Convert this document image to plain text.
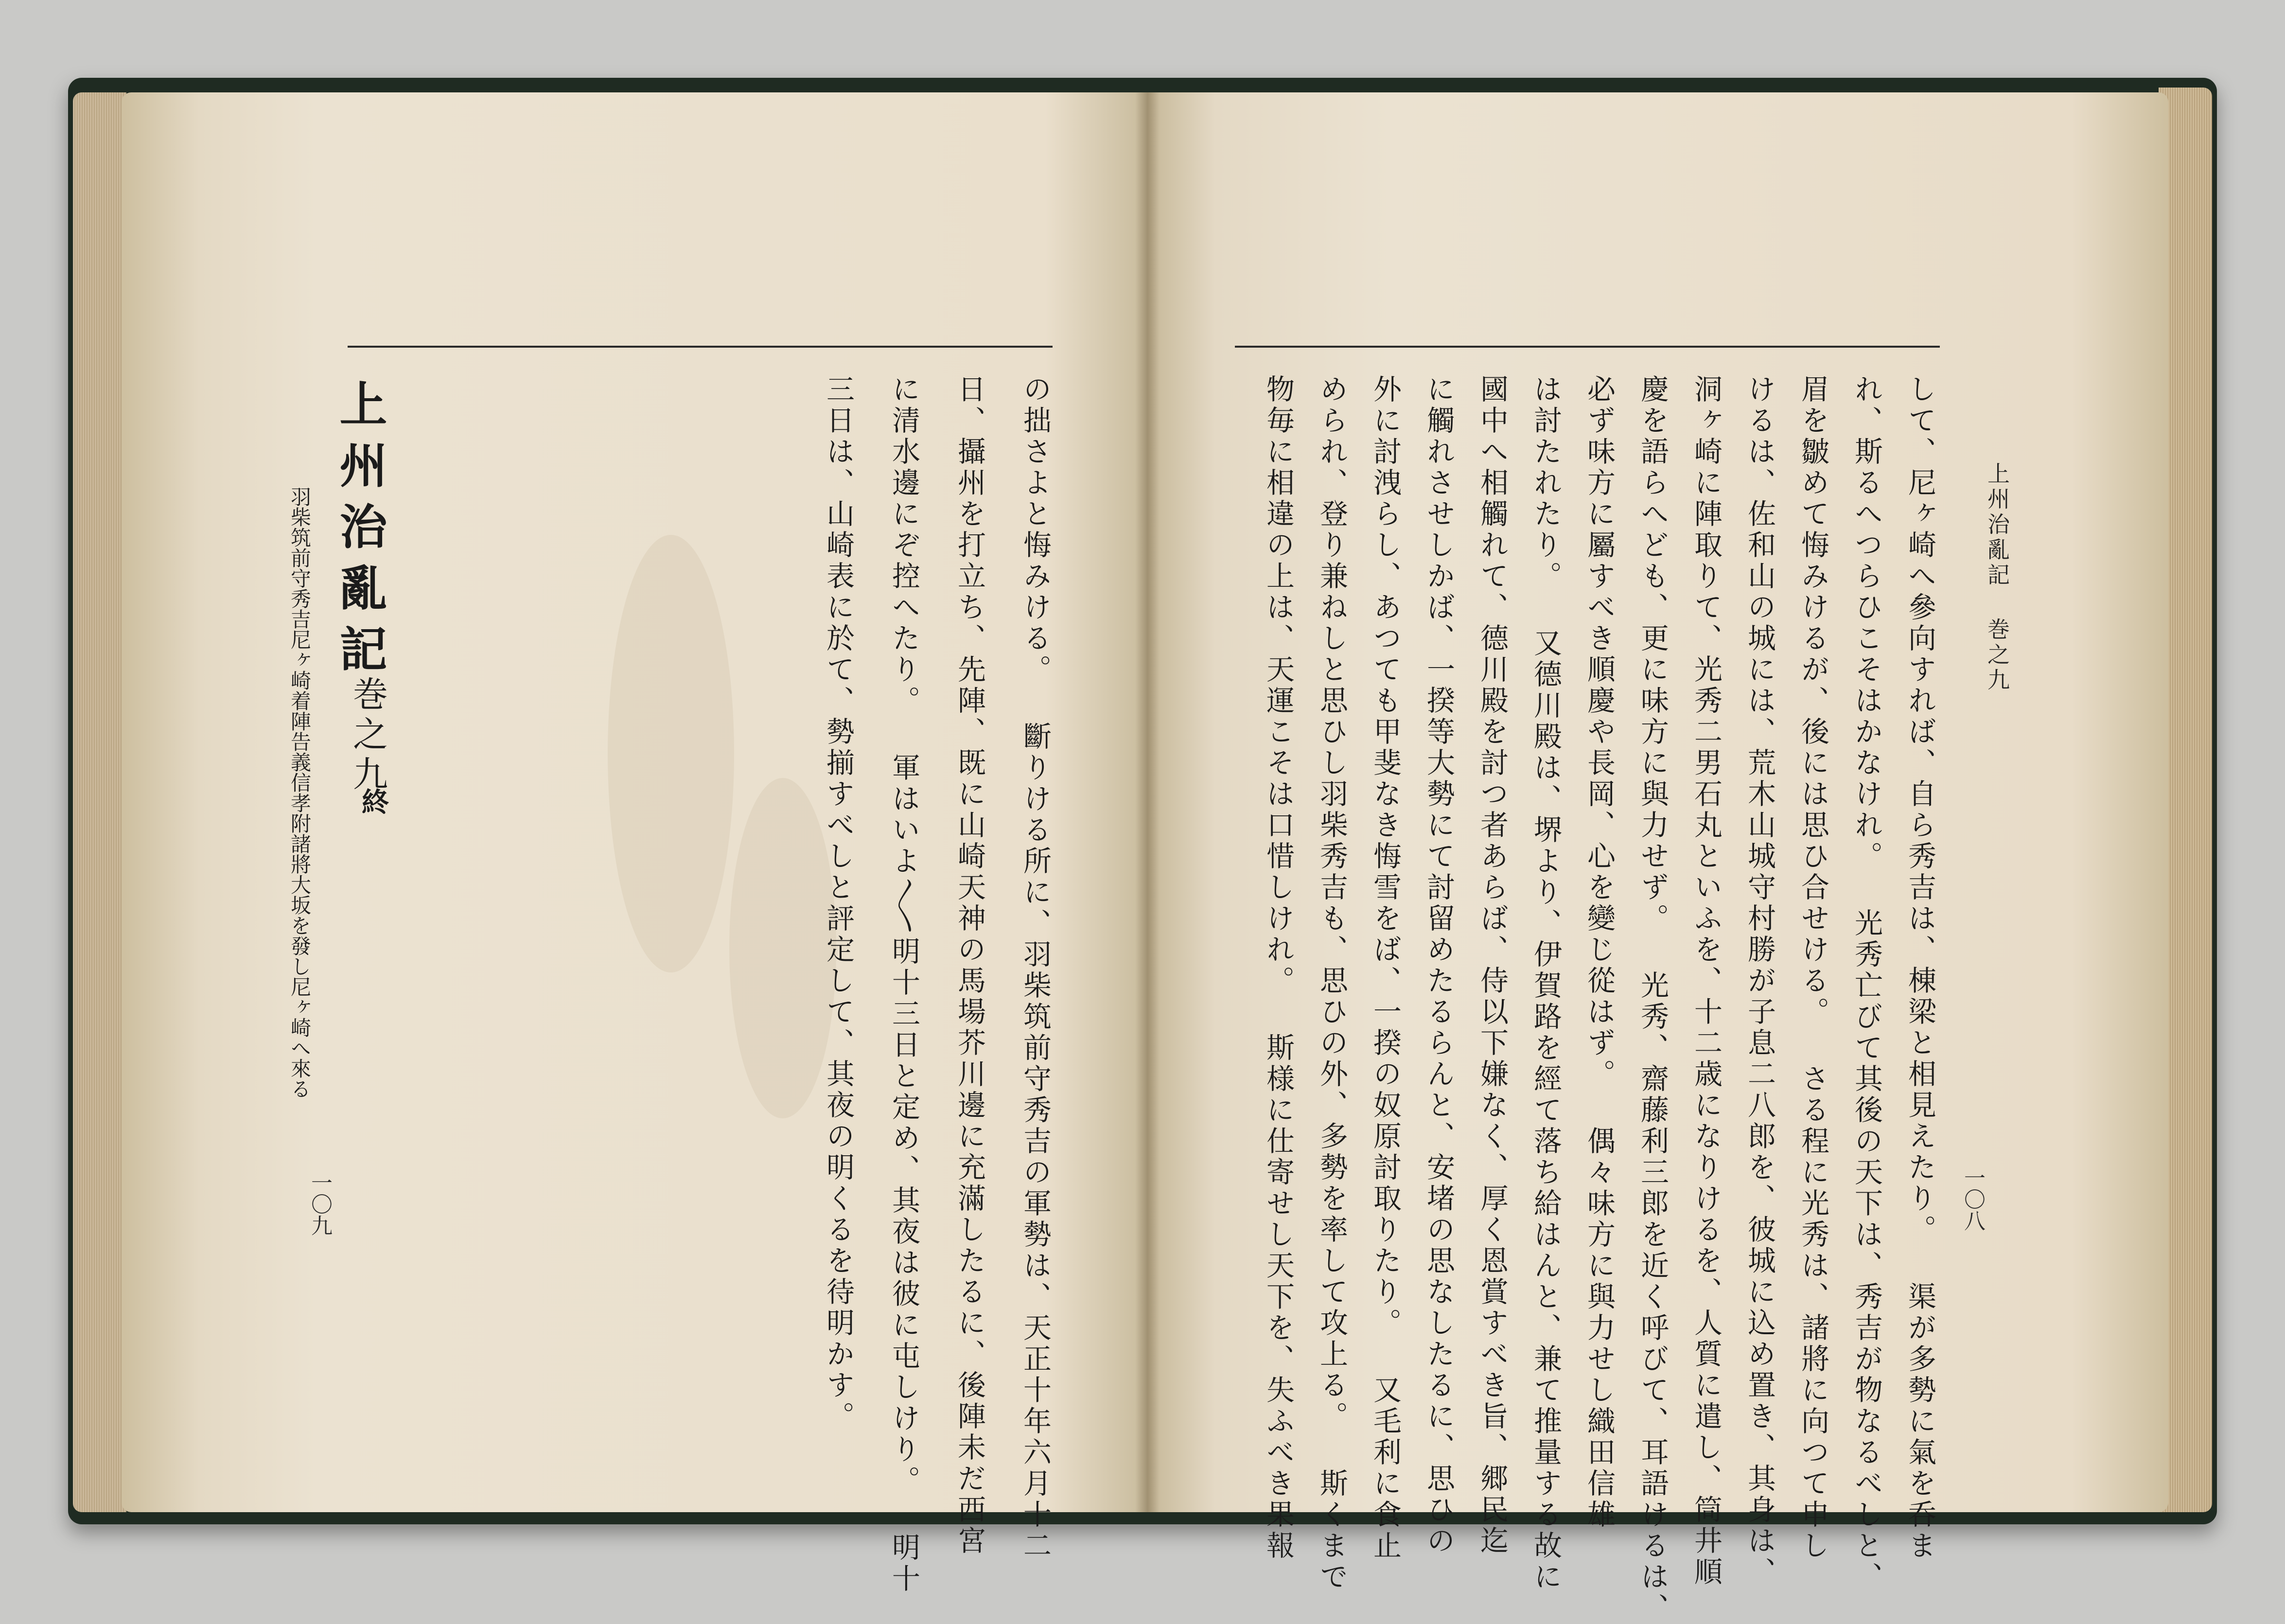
上州治亂記
巻之九
終
羽柴筑前守秀吉尼ヶ崎着陣告義信孝附諸將大坂を發し尼ヶ崎へ來る
一〇九	の拙さよと悔みける。 斷りける所に、羽柴筑前守秀吉の軍勢は、天正十年六月十二
日、攝州を打立ち、先陣、既に山崎天神の馬場芥川邊に充滿したるに、後陣未だ西宮
に清水邊にぞ控へたり。 軍はいよ〳〵明十三日と定め、其夜は彼に屯しけり。 明十
三日は、山崎表に於て、勢揃すべしと評定して、其夜の明くるを待明かす。	上州治亂記 巻之九
一〇八
して、尼ヶ崎へ參向すれば、自ら秀吉は、棟梁と相見えたり。 渠が多勢に氣を呑ま
れ、斯るへつらひこそはかなけれ。 光秀亡びて其後の天下は、秀吉が物なるべしと、
眉を皺めて悔みけるが、後には思ひ合せける。 さる程に光秀は、諸將に向つて申し
けるは、佐和山の城には、荒木山城守村勝が子息二八郎を、彼城に込め置き、其身は、
洞ヶ崎に陣取りて、光秀二男石丸といふを、十二歳になりけるを、人質に遣し、筒井順
慶を語らへども、更に味方に與力せず。 光秀、齋藤利三郎を近く呼びて、耳語けるは、
必ず味方に屬すべき順慶や長岡、心を變じ從はず。 偶々味方に與力せし織田信雄
は討たれたり。 又德川殿は、堺より、伊賀路を經て落ち給はんと、兼て推量する故に
國中へ相觸れて、德川殿を討つ者あらば、侍以下嫌なく、厚く恩賞すべき旨、郷民迄
に觸れさせしかば、一揆等大勢にて討留めたるらんと、安堵の思なしたるに、思ひの
外に討洩らし、あつても甲斐なき悔雪をば、一揆の奴原討取りたり。 又毛利に食止
められ、登り兼ねしと思ひし羽柴秀吉も、思ひの外、多勢を率して攻上る。 斯くまで
物毎に相違の上は、天運こそは口惜しけれ。 斯様に仕寄せし天下を、失ふべき果報
